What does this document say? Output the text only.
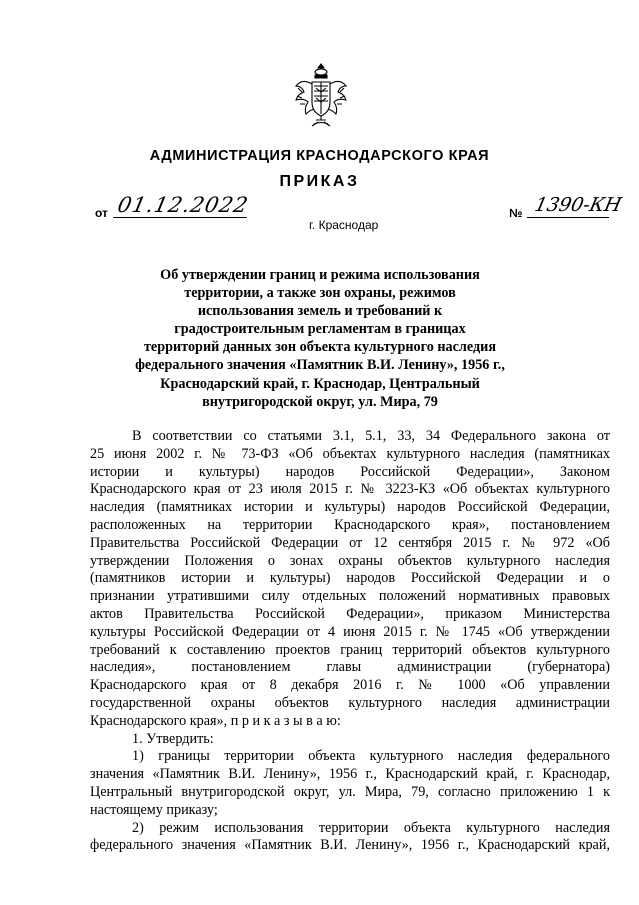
АДМИНИСТРАЦИЯ КРАСНОДАРСКОГО КРАЯ
ПРИКАЗ
от 01.12.2022
г. Краснодар
№ 1390-КН
Об утверждении границ и режима использования
территории, а также зон охраны, режимов
использования земель и требований к
градостроительным регламентам в границах
территорий данных зон объекта культурного наследия
федерального значения «Памятник В.И. Ленину», 1956 г.,
Краснодарский край, г. Краснодар, Центральный
внутригородской округ, ул. Мира, 79
В соответствии со статьями 3.1, 5.1, 33, 34 Федерального закона от
25 июня 2002 г. № 73-ФЗ «Об объектах культурного наследия (памятниках
истории и культуры) народов Российской Федерации», Законом
Краснодарского края от 23 июля 2015 г. № 3223-КЗ «Об объектах культурного
наследия (памятниках истории и культуры) народов Российской Федерации,
расположенных на территории Краснодарского края», постановлением
Правительства Российской Федерации от 12 сентября 2015 г. № 972 «Об
утверждении Положения о зонах охраны объектов культурного наследия
(памятников истории и культуры) народов Российской Федерации и о
признании утратившими силу отдельных положений нормативных правовых
актов Правительства Российской Федерации», приказом Министерства
культуры Российской Федерации от 4 июня 2015 г. № 1745 «Об утверждении
требований к составлению проектов границ территорий объектов культурного
наследия», постановлением главы администрации (губернатора)
Краснодарского края от 8 декабря 2016 г. № 1000 «Об управлении
государственной охраны объектов культурного наследия администрации
Краснодарского края», п р и к а з ы в а ю:
1. Утвердить:
1) границы территории объекта культурного наследия федерального
значения «Памятник В.И. Ленину», 1956 г., Краснодарский край, г. Краснодар,
Центральный внутригородской округ, ул. Мира, 79, согласно приложению 1 к
настоящему приказу;
2) режим использования территории объекта культурного наследия
федерального значения «Памятник В.И. Ленину», 1956 г., Краснодарский край,
